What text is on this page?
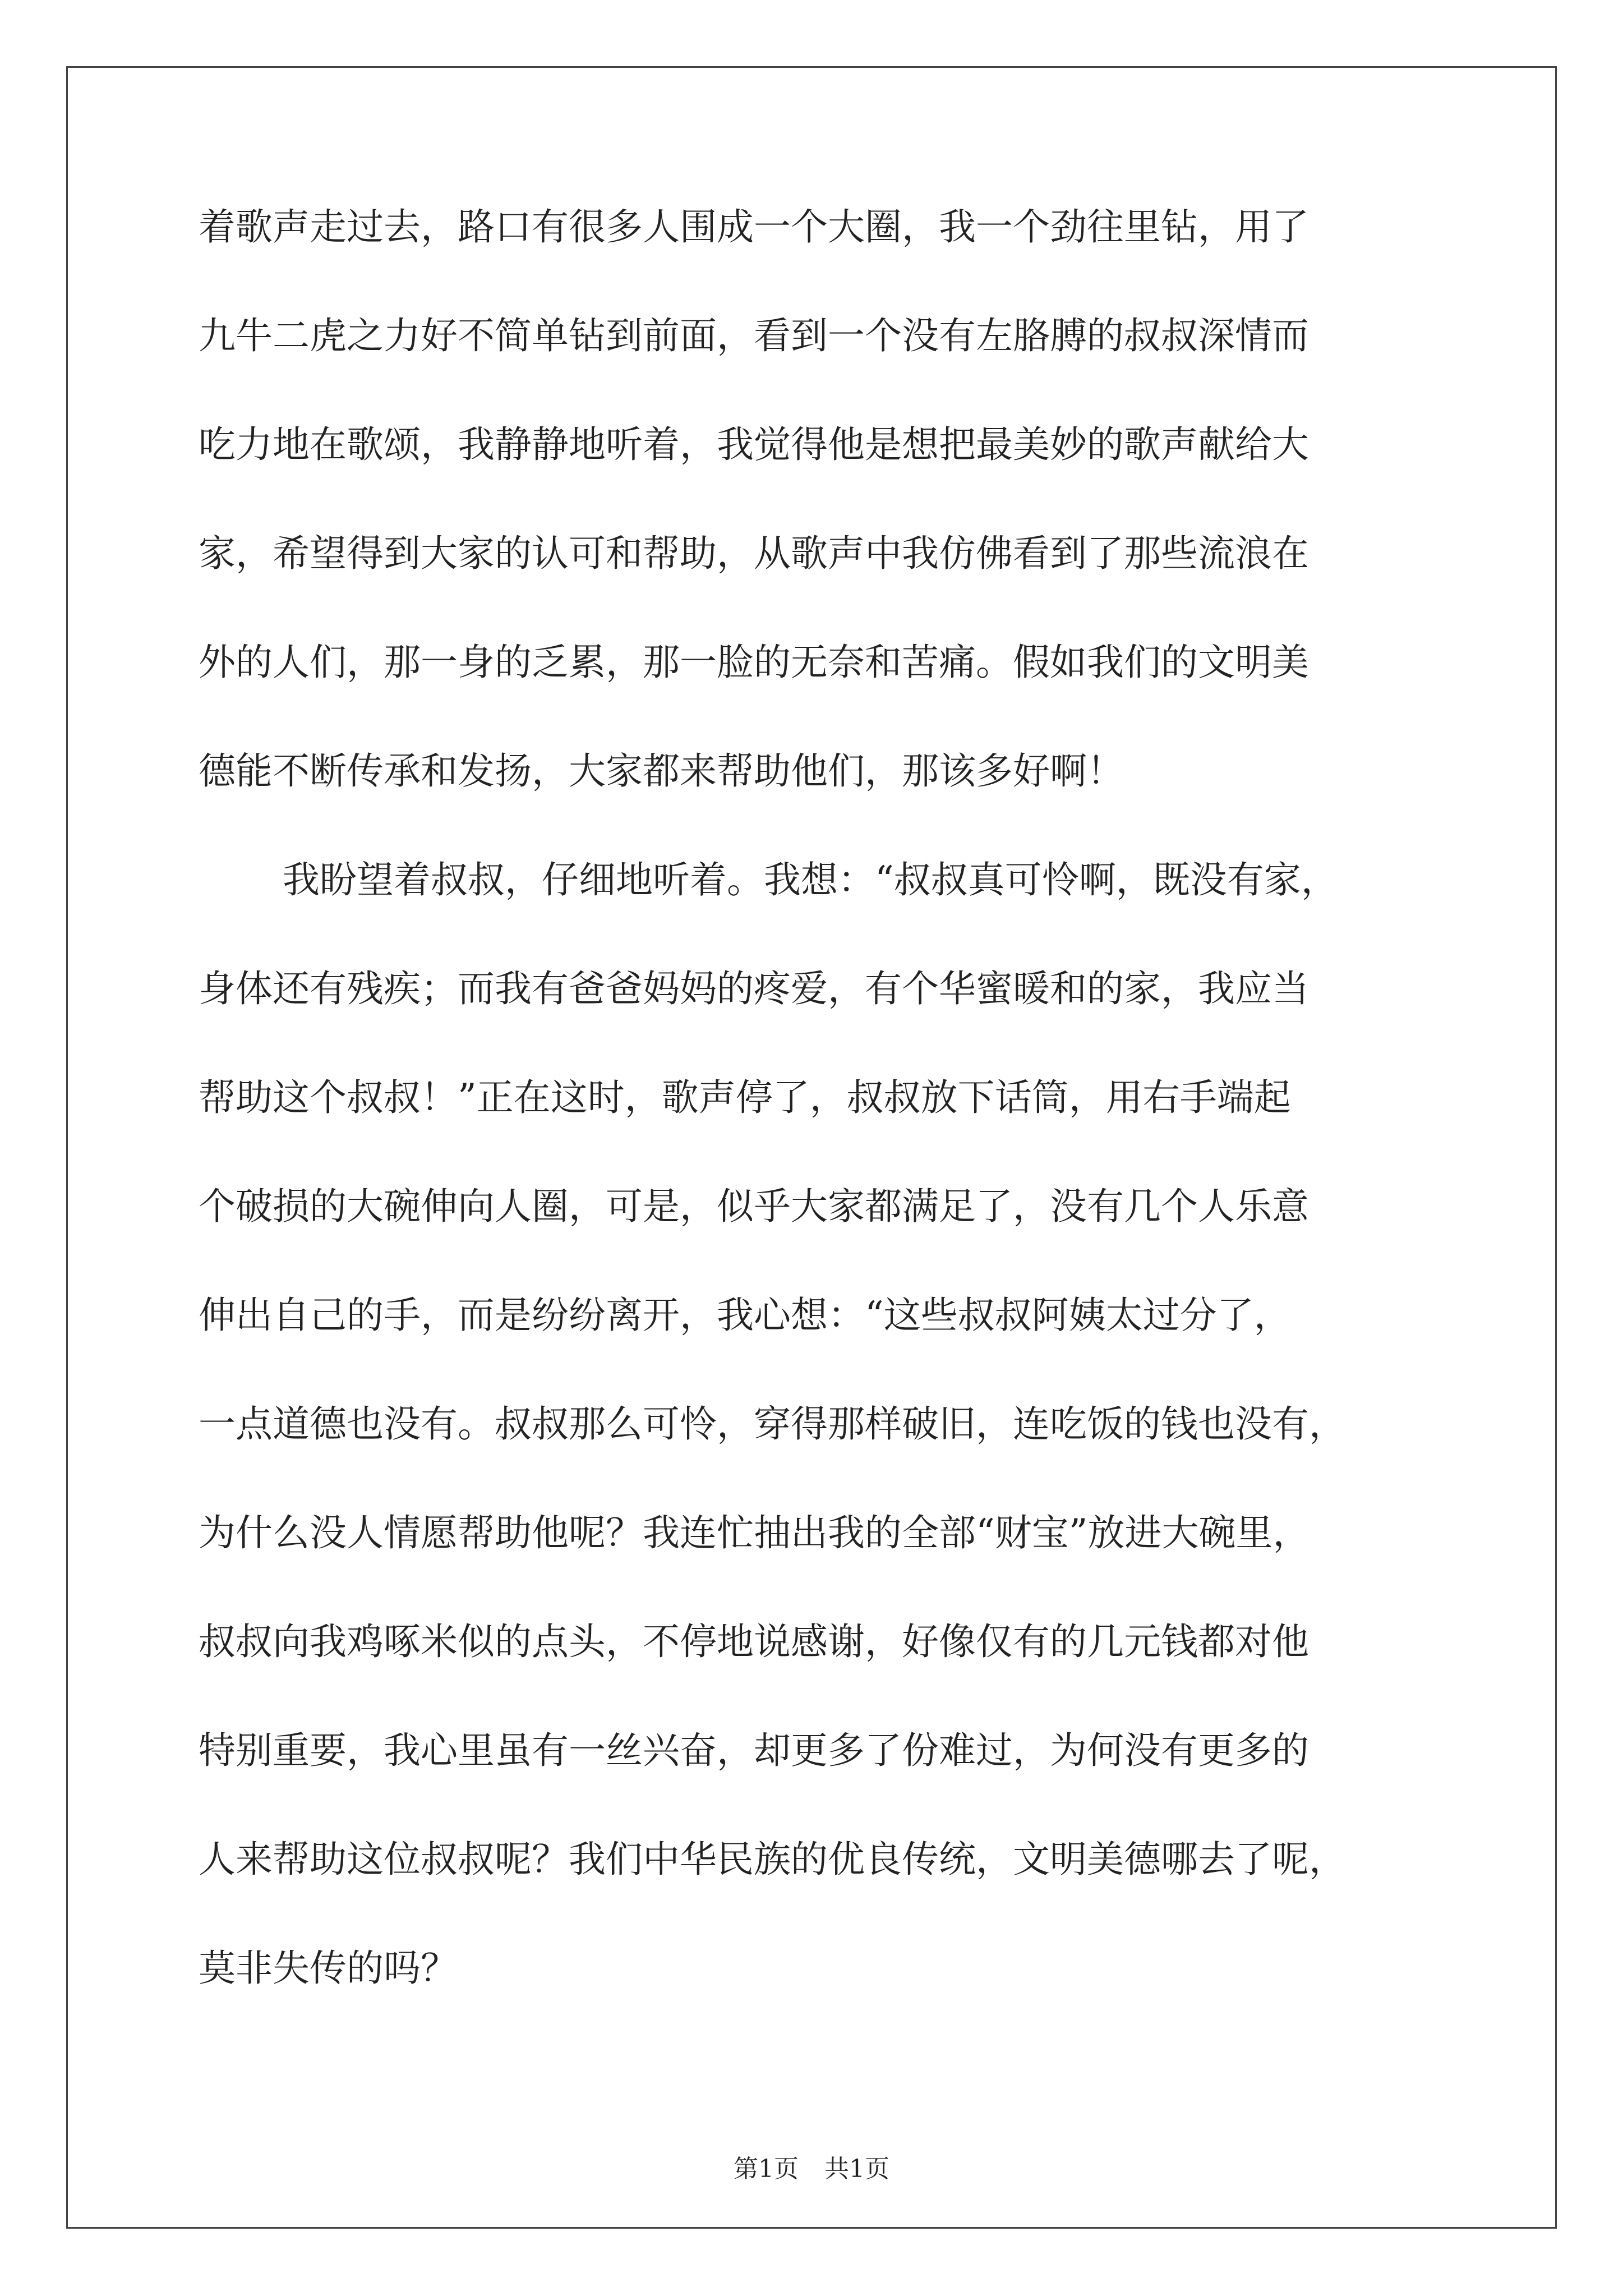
着歌声走过去，路口有很多人围成一个大圈，我一个劲往里钻，用了
九牛二虎之力好不简单钻到前面，看到一个没有左胳膊的叔叔深情而
吃力地在歌颂，我静静地听着，我觉得他是想把最美妙的歌声献给大
家，希望得到大家的认可和帮助，从歌声中我仿佛看到了那些流浪在
外的人们，那一身的乏累，那一脸的无奈和苦痛。假如我们的文明美
德能不断传承和发扬，大家都来帮助他们，那该多好啊！
我盼望着叔叔，仔细地听着。我想：“叔叔真可怜啊，既没有家，
身体还有残疾；而我有爸爸妈妈的疼爱，有个华蜜暖和的家，我应当
帮助这个叔叔！”正在这时，歌声停了，叔叔放下话筒，用右手端起
个破损的大碗伸向人圈，可是，似乎大家都满足了，没有几个人乐意
伸出自己的手，而是纷纷离开，我心想：“这些叔叔阿姨太过分了，
一点道德也没有。叔叔那么可怜，穿得那样破旧，连吃饭的钱也没有，
为什么没人情愿帮助他呢？我连忙抽出我的全部“财宝”放进大碗里，
叔叔向我鸡啄米似的点头，不停地说感谢，好像仅有的几元钱都对他
特别重要，我心里虽有一丝兴奋，却更多了份难过，为何没有更多的
人来帮助这位叔叔呢？我们中华民族的优良传统，文明美德哪去了呢，
莫非失传的吗？
第1页 共1页
